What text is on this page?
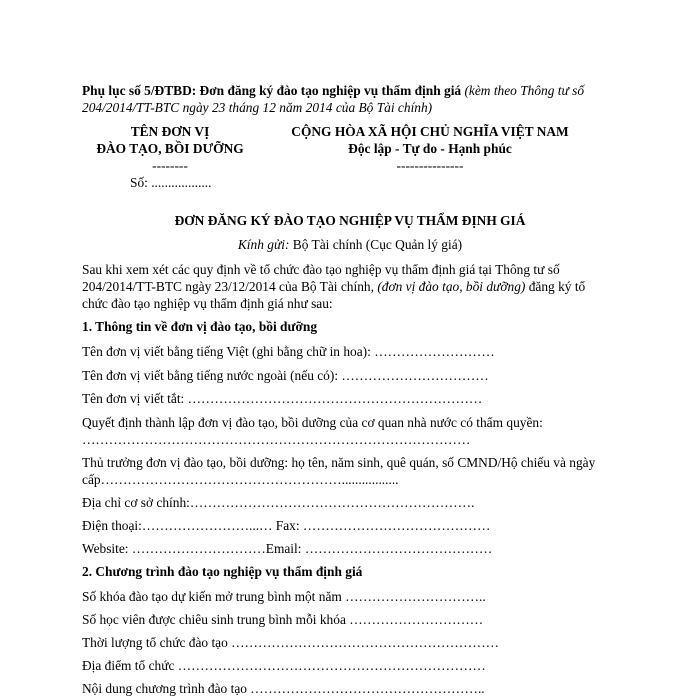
Phụ lục số 5/ĐTBD: Đơn đăng ký đào tạo nghiệp vụ thẩm định giá (kèm theo Thông tư số
204/2014/TT-BTC ngày 23 tháng 12 năm 2014 của Bộ Tài chính)
TÊN ĐƠN VỊ
ĐÀO TẠO, BỒI DƯỠNG
--------
Số: ..................
CỘNG HÒA XÃ HỘI CHỦ NGHĨA VIỆT NAM
Độc lập - Tự do - Hạnh phúc
---------------
ĐƠN ĐĂNG KÝ ĐÀO TẠO NGHIỆP VỤ THẨM ĐỊNH GIÁ
Kính gửi: Bộ Tài chính (Cục Quản lý giá)
Sau khi xem xét các quy định về tổ chức đào tạo nghiệp vụ thẩm định giá tại Thông tư số
204/2014/TT-BTC ngày 23/12/2014 của Bộ Tài chính, (đơn vị đào tạo, bồi dưỡng) đăng ký tổ
chức đào tạo nghiệp vụ thẩm định giá như sau:
1. Thông tin về đơn vị đào tạo, bồi dưỡng
Tên đơn vị viết bằng tiếng Việt (ghi bằng chữ in hoa): ………………………
Tên đơn vị viết bằng tiếng nước ngoài (nếu có): ……………………………
Tên đơn vị viết tắt: …………………………………………………………
Quyết định thành lập đơn vị đào tạo, bồi dưỡng của cơ quan nhà nước có thẩm quyền:
……………………………………………………………………………
Thủ trưởng đơn vị đào tạo, bồi dưỡng: họ tên, năm sinh, quê quán, số CMND/Hộ chiếu và ngày
cấp……………………………………………….................
Địa chỉ cơ sở chính:……………………………………………………….
Điện thoại:……………………...… Fax: ……………………………………
Website: …………………………Email: ……………………………………
2. Chương trình đào tạo nghiệp vụ thẩm định giá
Số khóa đào tạo dự kiến mở trung bình một năm …………………………..
Số học viên được chiêu sinh trung bình mỗi khóa …………………………
Thời lượng tổ chức đào tạo ……………………………………………………
Địa điểm tổ chức ……………………………………………………………
Nội dung chương trình đào tạo ……………………………………………..
